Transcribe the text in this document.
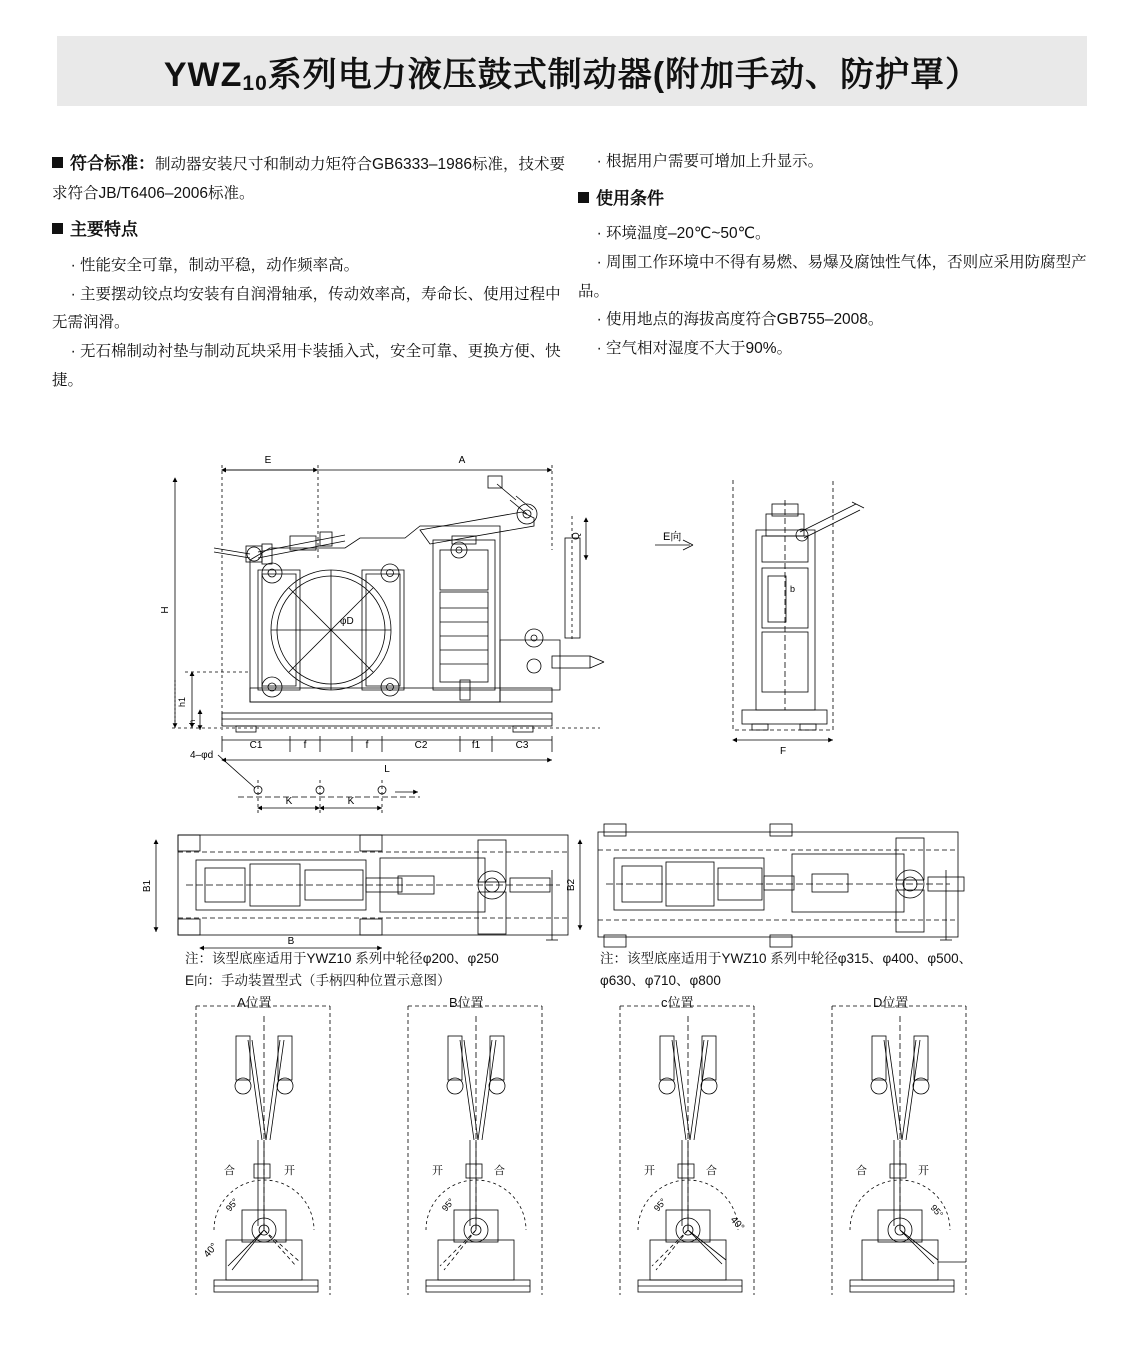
$YWZ_{10}$系列电力液压鼓式制动器(附加手动、防护罩）

符合标准：制动器安装尺寸和制动力矩符合GB6333–1986标准，技术要求符合JB/T6406–2006标准。

主要特点

· 性能安全可靠，制动平稳，动作频率高。

· 主要摆动铰点均安装有自润滑轴承，传动效率高，寿命长、使用过程中无需润滑。

· 无石棉制动衬垫与制动瓦块采用卡装插入式，安全可靠、更换方便、快捷。

· 根据用户需要可增加上升显示。

使用条件

· 环境温度–20℃~50℃。

· 周围工作环境中不得有易燃、易爆及腐蚀性气体，否则应采用防腐型产品。

· 使用地点的海拔高度符合GB755–2008。

· 空气相对湿度不大于90%。

E	A
H
h1
h
φD
Q
C1	f	f	C2	f1	C3
L
4–φd
K	K
E向
b
F
B1
B
B2
合	开
95°
40°
开	合
95°
开	合
95°
40°
合	开
95°
注：该型底座适用于YWZ10 系列中轮径φ200、φ250
E向：手动装置型式（手柄四种位置示意图）
注：该型底座适用于YWZ10 系列中轮径φ315、φ400、φ500、
φ630、φ710、φ800
A位置	B位置	c位置	D位置
